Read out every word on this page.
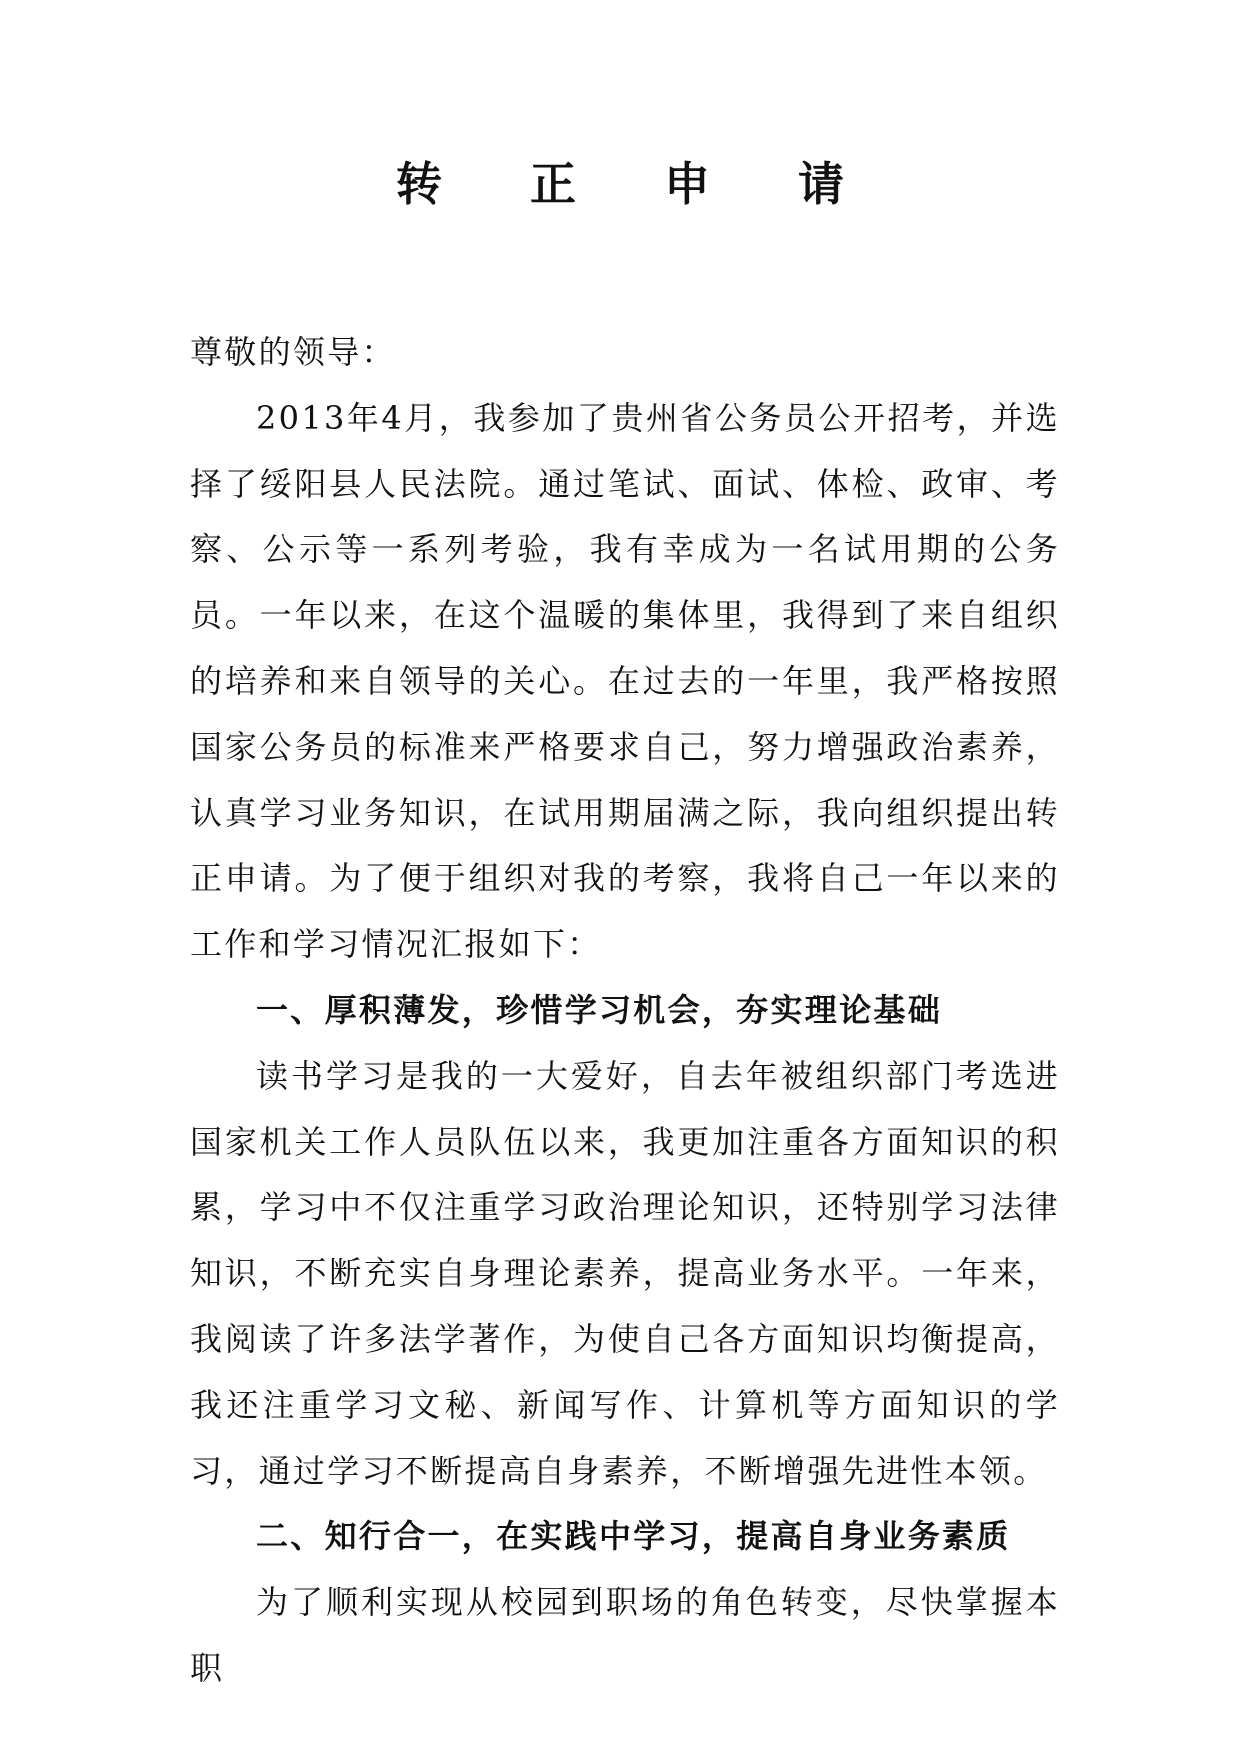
转 正 申 请

尊敬的领导：

2013年4月，我参加了贵州省公务员公开招考，并选择了绥阳县人民法院。通过笔试、面试、体检、政审、考察、公示等一系列考验，我有幸成为一名试用期的公务员。一年以来，在这个温暖的集体里，我得到了来自组织的培养和来自领导的关心。在过去的一年里，我严格按照国家公务员的标准来严格要求自己，努力增强政治素养，认真学习业务知识，在试用期届满之际，我向组织提出转正申请。为了便于组织对我的考察，我将自己一年以来的工作和学习情况汇报如下：

一、厚积薄发，珍惜学习机会，夯实理论基础

读书学习是我的一大爱好，自去年被组织部门考选进国家机关工作人员队伍以来，我更加注重各方面知识的积累，学习中不仅注重学习政治理论知识，还特别学习法律知识，不断充实自身理论素养，提高业务水平。一年来，我阅读了许多法学著作，为使自己各方面知识均衡提高，我还注重学习文秘、新闻写作、计算机等方面知识的学习，通过学习不断提高自身素养，不断增强先进性本领。

二、知行合一，在实践中学习，提高自身业务素质

为了顺利实现从校园到职场的角色转变，尽快掌握本职
